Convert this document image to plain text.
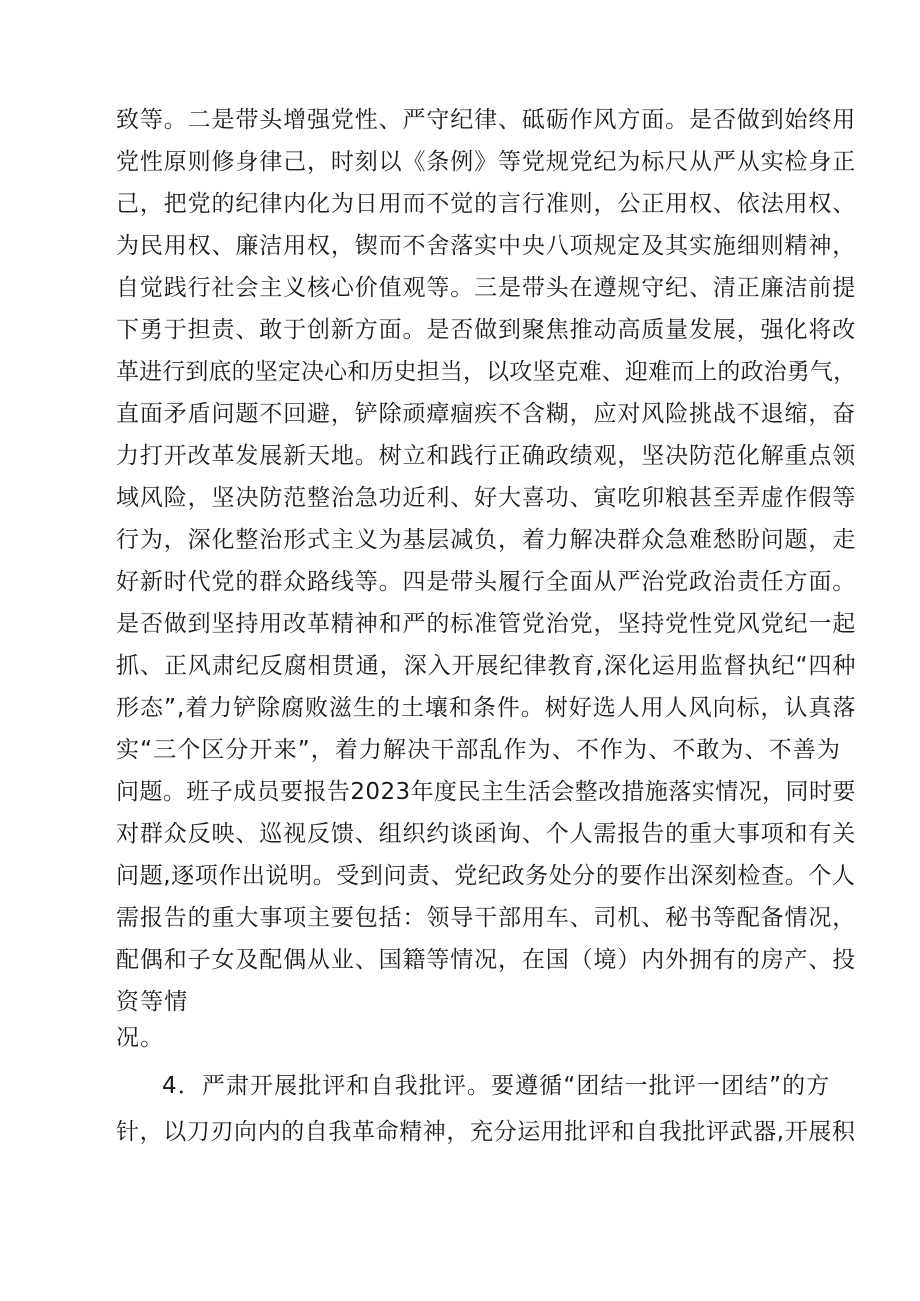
致等。二是带头增强党性、严守纪律、砥砺作风方面。是否做到始终用
党性原则修身律己，时刻以《条例》等党规党纪为标尺从严从实检身正
己，把党的纪律内化为日用而不觉的言行准则，公正用权、依法用权、
为民用权、廉洁用权，锲而不舍落实中央八项规定及其实施细则精神，
自觉践行社会主义核心价值观等。三是带头在遵规守纪、清正廉洁前提
下勇于担责、敢于创新方面。是否做到聚焦推动高质量发展，强化将改
革进行到底的坚定决心和历史担当，以攻坚克难、迎难而上的政治勇气，
直面矛盾问题不回避，铲除顽瘴痼疾不含糊，应对风险挑战不退缩，奋
力打开改革发展新天地。树立和践行正确政绩观，坚决防范化解重点领
域风险，坚决防范整治急功近利、好大喜功、寅吃卯粮甚至弄虚作假等
行为，深化整治形式主义为基层减负，着力解决群众急难愁盼问题，走
好新时代党的群众路线等。四是带头履行全面从严治党政治责任方面。
是否做到坚持用改革精神和严的标准管党治党，坚持党性党风党纪一起
抓、正风肃纪反腐相贯通，深入开展纪律教育,深化运用监督执纪“四种
形态”,着力铲除腐败滋生的土壤和条件。树好选人用人风向标，认真落
实“三个区分开来”，着力解决干部乱作为、不作为、不敢为、不善为
问题。班子成员要报告2023年度民主生活会整改措施落实情况，同时要
对群众反映、巡视反馈、组织约谈函询、个人需报告的重大事项和有关
问题,逐项作出说明。受到问责、党纪政务处分的要作出深刻检查。个人
需报告的重大事项主要包括：领导干部用车、司机、秘书等配备情况，
配偶和子女及配偶从业、国籍等情况，在国（境）内外拥有的房产、投
资等情
况。
4．严肃开展批评和自我批评。要遵循“团结一批评一团结”的方
针，以刀刃向内的自我革命精神，充分运用批评和自我批评武器,开展积
